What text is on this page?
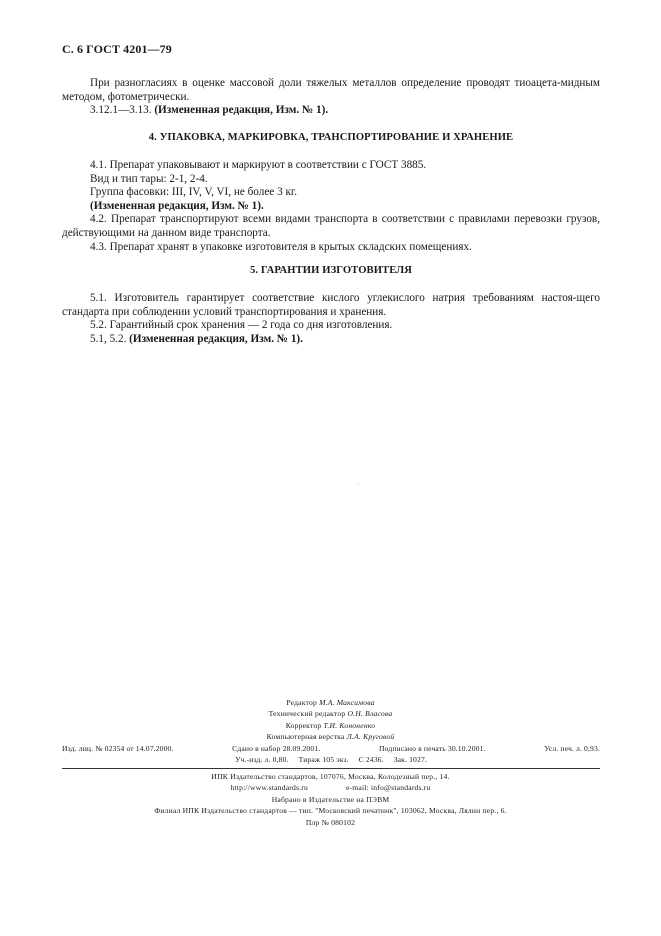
С. 6 ГОСТ 4201—79

При разногласиях в оценке массовой доли тяжелых металлов определение проводят тиоацета-мидным методом, фотометрически.

3.12.1—3.13. (Измененная редакция, Изм. № 1).

4. УПАКОВКА, МАРКИРОВКА, ТРАНСПОРТИРОВАНИЕ И ХРАНЕНИЕ

4.1. Препарат упаковывают и маркируют в соответствии с ГОСТ 3885.

Вид и тип тары: 2-1, 2-4.

Группа фасовки: III, IV, V, VI, не более 3 кг.

(Измененная редакция, Изм. № 1).

4.2. Препарат транспортируют всеми видами транспорта в соответствии с правилами перевозки грузов, действующими на данном виде транспорта.

4.3. Препарат хранят в упаковке изготовителя в крытых складских помещениях.

5. ГАРАНТИИ ИЗГОТОВИТЕЛЯ

5.1. Изготовитель гарантирует соответствие кислого углекислого натрия требованиям настоя-щего стандарта при соблюдении условий транспортирования и хранения.

5.2. Гарантийный срок хранения — 2 года со дня изготовления.

5.1, 5.2. (Измененная редакция, Изм. № 1).

Редактор М.А. Максимова
Технический редактор О.Н. Власова
Корректор Т.И. Кононенко
Компьютерная верстка Л.А. Круговой
Изд. лиц. № 02354 от 14.07.2000.	Сдано в набор 28.09.2001.	Подписано в печать 30.10.2001.	Усл. печ. л. 0,93.
Уч.-изд. л. 0,80. Тираж 105 экз. С 2436. Зак. 1027.
ИПК Издательство стандартов, 107076, Москва, Колодезный пер., 14.
http://www.standards.ru	e-mail: info@standards.ru
Набрано в Издательстве на ПЭВМ
Филиал ИПК Издательство стандартов — тип. "Московский печатник", 103062, Москва, Лялин пер., 6.
Плр № 080102
